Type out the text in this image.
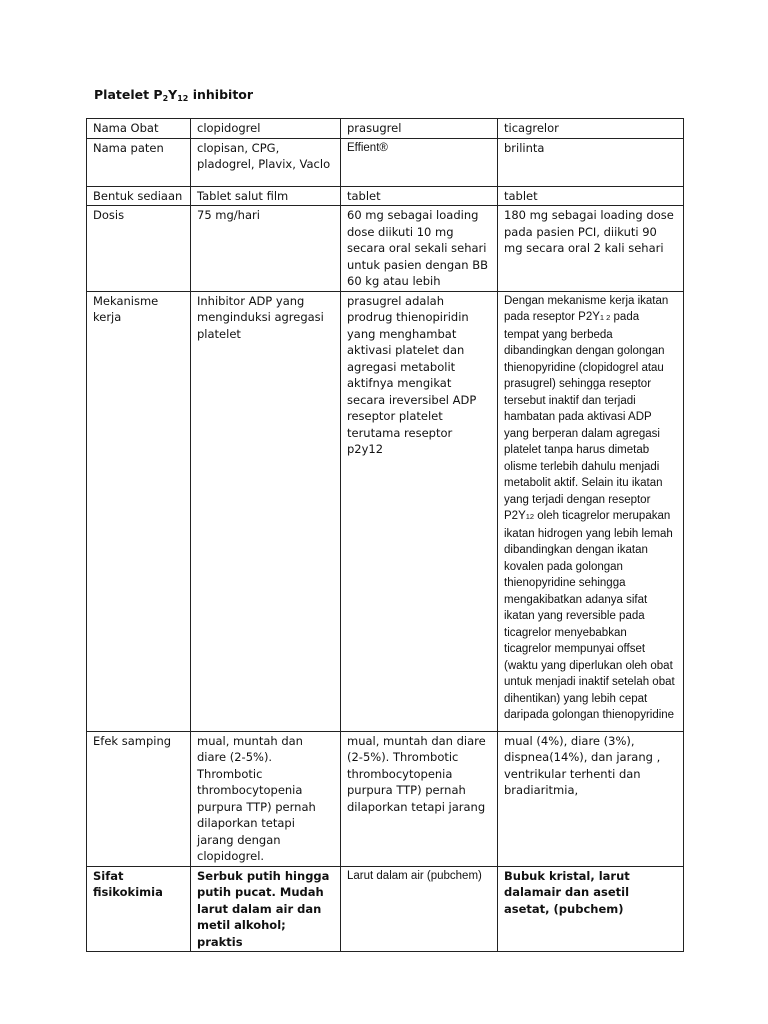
Platelet $P_2Y_{12}$ inhibitor
Nama Obat	clopidogrel	prasugrel	ticagrelor
Nama paten	clopisan, CPG, pladogrel, Plavix, Vaclo	Effient®	brilinta
Bentuk sediaan	Tablet salut film	tablet	tablet
Dosis	75 mg/hari	60 mg sebagai loading dose diikuti 10 mg secara oral sekali sehari untuk pasien dengan BB 60 kg atau lebih	180 mg sebagai loading dose pada pasien PCI, diikuti 90 mg secara oral 2 kali sehari
Mekanisme kerja	Inhibitor ADP yang menginduksi agregasi platelet	prasugrel adalah prodrug thienopiridin yang menghambat aktivasi platelet dan agregasi metabolit aktifnya mengikat secara ireversibel ADP reseptor platelet terutama reseptor p2y12	Dengan mekanisme kerja ikatan pada reseptor P2Y1 2 pada tempat yang berbeda dibandingkan dengan golongan thienopyridine (clopidogrel atau prasugrel) sehingga reseptor tersebut inaktif dan terjadi hambatan pada aktivasi ADP yang berperan dalam agregasi platelet tanpa harus dimetab olisme terlebih dahulu menjadi metabolit aktif. Selain itu ikatan yang terjadi dengan reseptor P2Y12 oleh ticagrelor merupakan ikatan hidrogen yang lebih lemah dibandingkan dengan ikatan kovalen pada golongan thienopyridine sehingga mengakibatkan adanya sifat ikatan yang reversible pada ticagrelor menyebabkan ticagrelor mempunyai offset (waktu yang diperlukan oleh obat untuk menjadi inaktif setelah obat dihentikan) yang lebih cepat daripada golongan thienopyridine
Efek samping	mual, muntah dan diare (2-5%). Thrombotic thrombocytopenia purpura TTP) pernah dilaporkan tetapi jarang dengan clopidogrel.	mual, muntah dan diare (2-5%). Thrombotic thrombocytopenia purpura TTP) pernah dilaporkan tetapi jarang	mual (4%), diare (3%), dispnea(14%), dan jarang , ventrikular terhenti dan bradiaritmia,
Sifat fisikokimia	Serbuk putih hingga putih pucat. Mudah larut dalam air dan metil alkohol; praktis	Larut dalam air (pubchem)	Bubuk kristal, larut dalamair dan asetil asetat, (pubchem)
